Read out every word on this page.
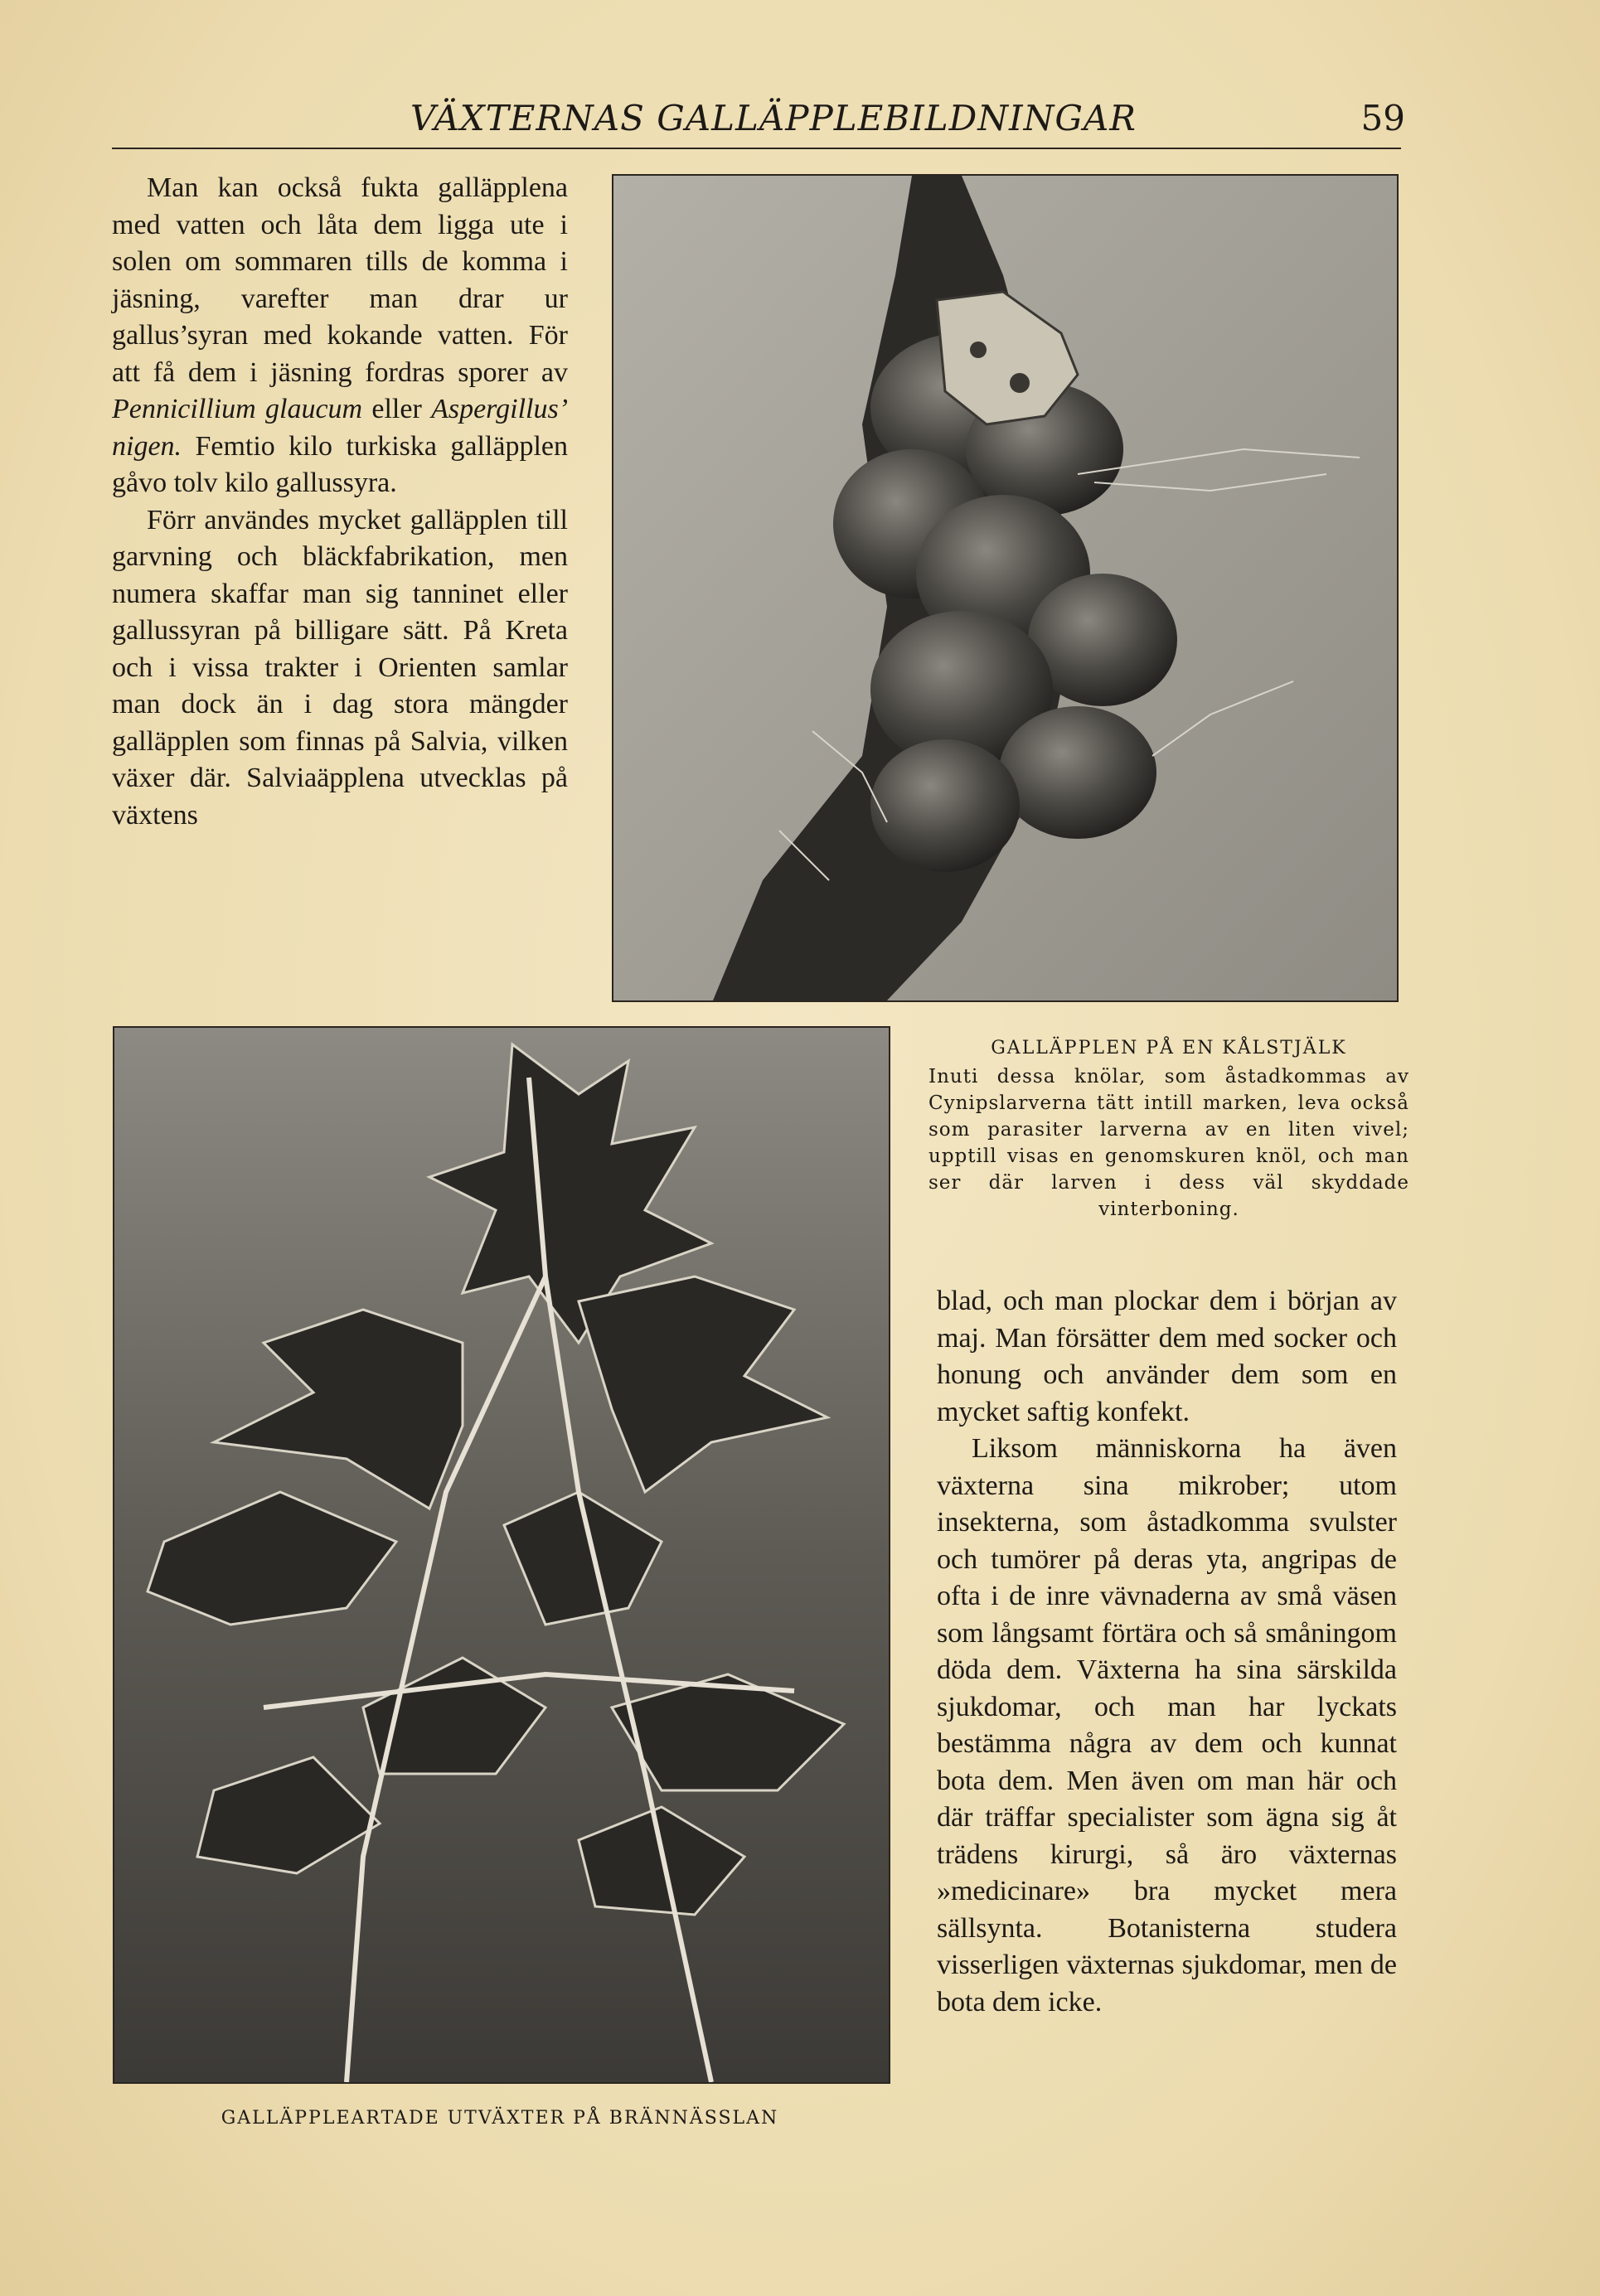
VÄXTERNAS GALLÄPPLEBILDNINGAR	59

Man kan också fukta galläpplena med vatten och låta dem ligga ute i solen om sommaren tills de komma i jäsning, varefter man drar ur gallus’syran med kokande vatten. För att få dem i jäsning fordras sporer av Pennicillium glaucum eller Aspergillus’ nigen. Femtio kilo turkiska galläpplen gåvo tolv kilo gallussyra.

Förr användes mycket galläpplen till garvning och bläckfabrikation, men numera skaffar man sig tanninet eller gallussyran på billigare sätt. På Kreta och i vissa trakter i Orienten samlar man dock än i dag stora mängder galläpplen som finnas på Salvia, vilken växer där. Salviaäpplena utvecklas på växtens

GALLÄPPLEN PÅ EN KÅLSTJÄLK
Inuti dessa knölar, som åstadkommas av Cynipslarverna tätt intill marken, leva också som parasiter larverna av en liten vivel; upptill visas en genomskuren knöl, och man ser där larven i dess väl skyddade vinterboning.
GALLÄPPLEARTADE UTVÄXTER PÅ BRÄNNÄSSLAN

blad, och man plockar dem i början av maj. Man försätter dem med socker och honung och använder dem som en mycket saftig konfekt.

Liksom människorna ha även växterna sina mikrober; utom insekterna, som åstadkomma svulster och tumörer på deras yta, angripas de ofta i de inre vävnaderna av små väsen som långsamt förtära och så småningom döda dem. Växterna ha sina särskilda sjukdomar, och man har lyckats bestämma några av dem och kunnat bota dem. Men även om man här och där träffar specialister som ägna sig åt trädens kirurgi, så äro växternas »medicinare» bra mycket mera sällsynta. Botanisterna studera visserligen växternas sjukdomar, men de bota dem icke.
